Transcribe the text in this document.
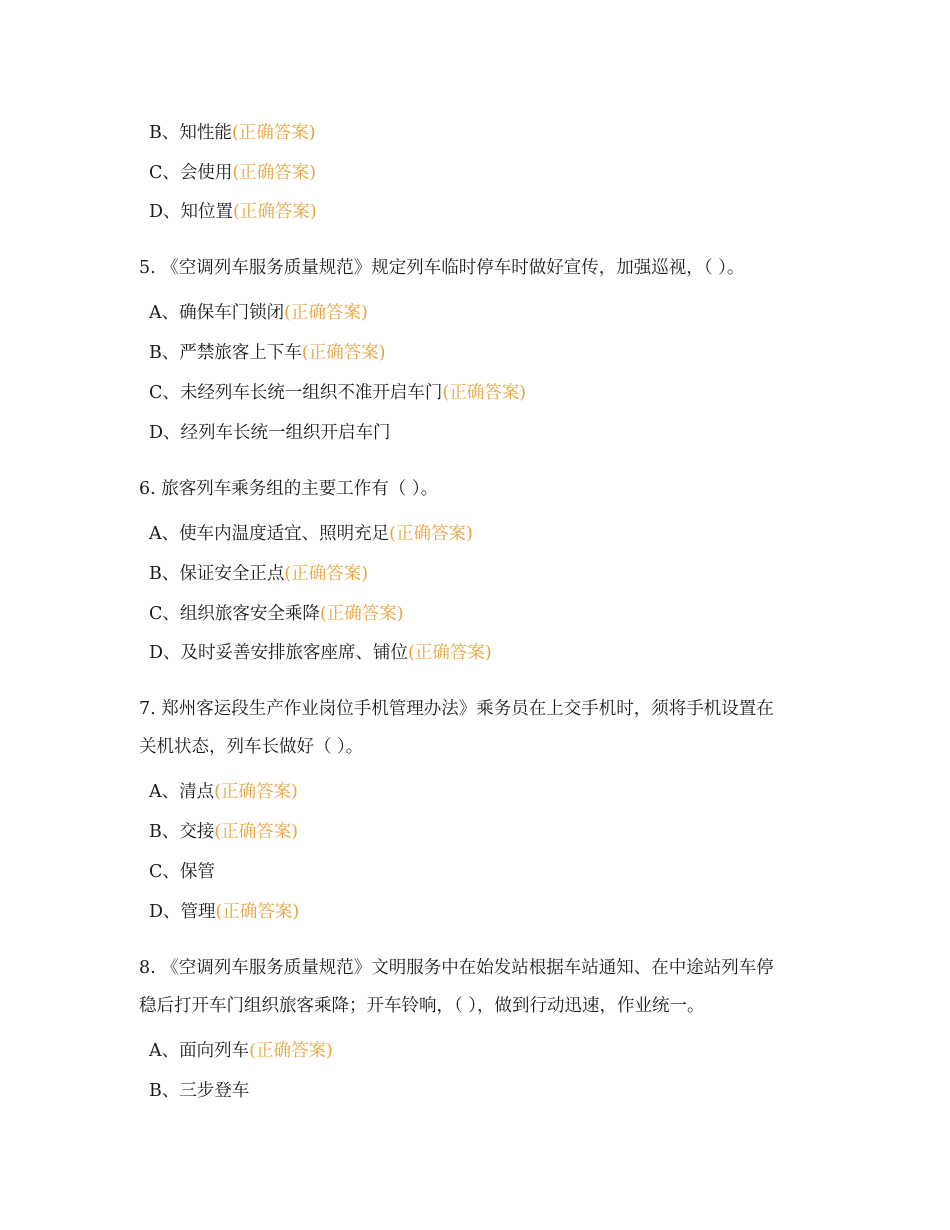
B、知性能(正确答案)
C、会使用(正确答案)
D、知位置(正确答案)
5. 《空调列车服务质量规范》规定列车临时停车时做好宣传，加强巡视，（ ）。
A、确保车门锁闭(正确答案)
B、严禁旅客上下车(正确答案)
C、未经列车长统一组织不准开启车门(正确答案)
D、经列车长统一组织开启车门
6. 旅客列车乘务组的主要工作有（ ）。
A、使车内温度适宜、照明充足(正确答案)
B、保证安全正点(正确答案)
C、组织旅客安全乘降(正确答案)
D、及时妥善安排旅客座席、铺位(正确答案)
7. 郑州客运段生产作业岗位手机管理办法》乘务员在上交手机时，须将手机设置在
关机状态，列车长做好（ ）。
A、清点(正确答案)
B、交接(正确答案)
C、保管
D、管理(正确答案)
8. 《空调列车服务质量规范》文明服务中在始发站根据车站通知、在中途站列车停
稳后打开车门组织旅客乘降；开车铃响，（ ），做到行动迅速，作业统一。
A、面向列车(正确答案)
B、三步登车
